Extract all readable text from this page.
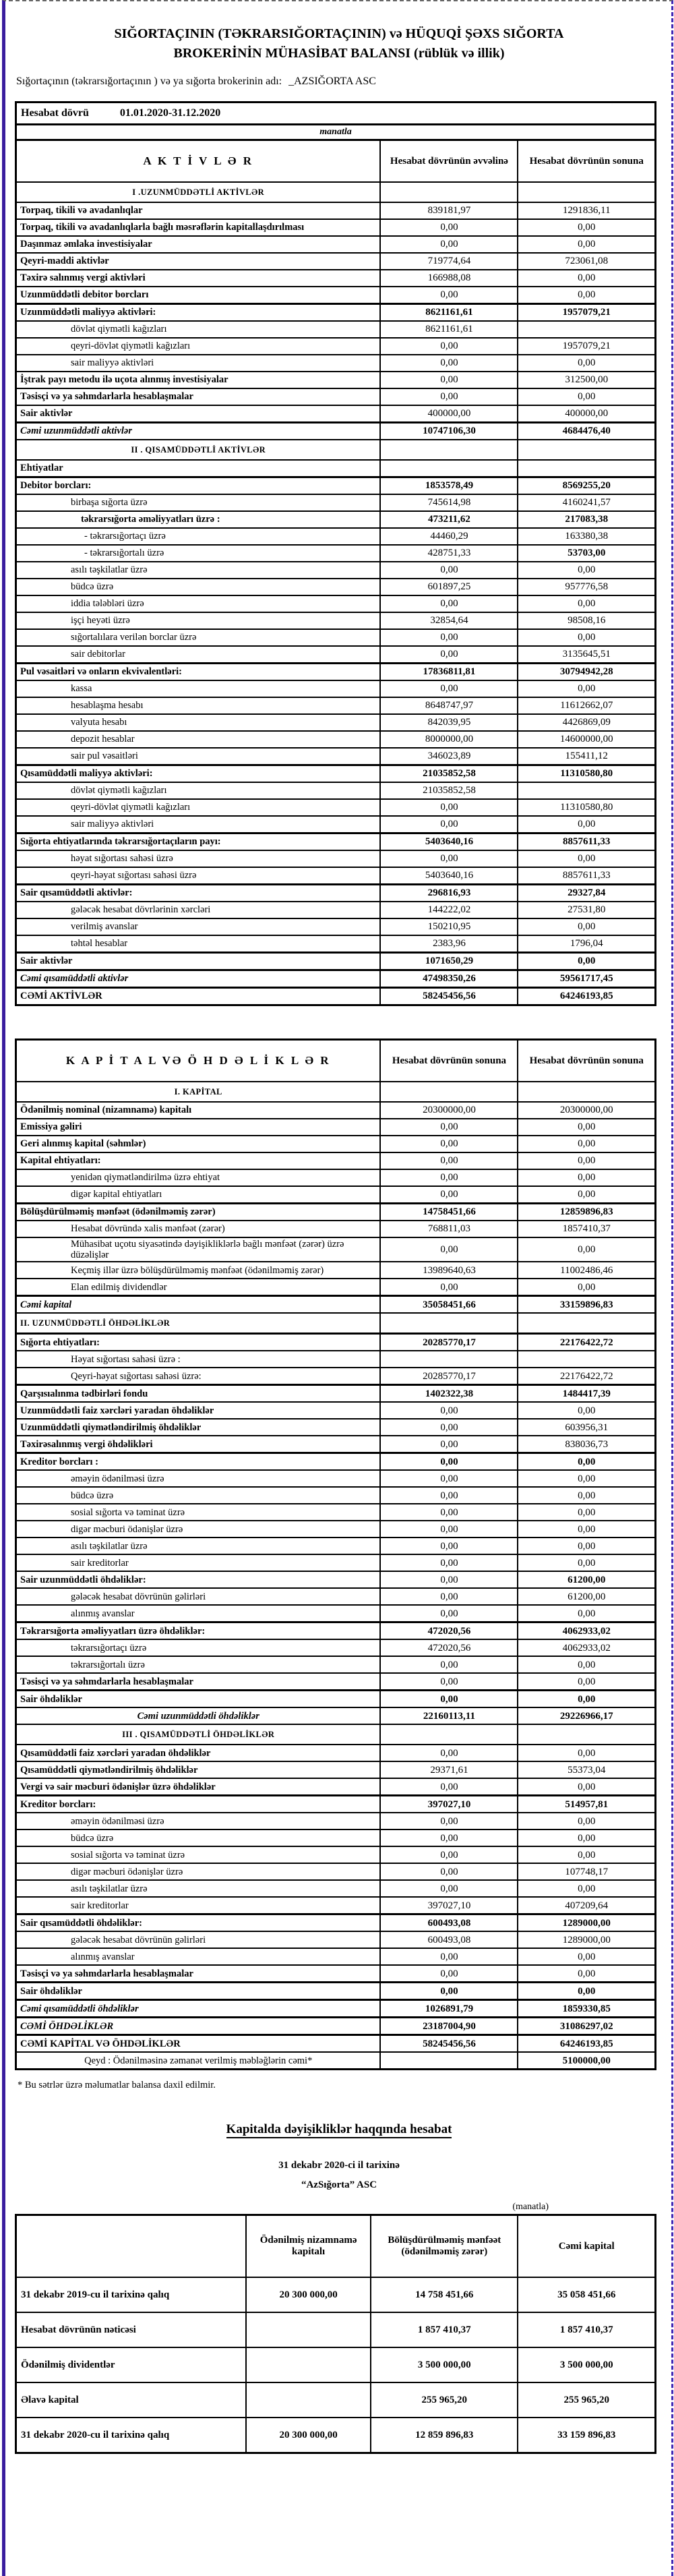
SIĞORTAÇININ (TƏKRARSIĞORTAÇININ) və HÜQUQİ ŞƏXS SIĞORTA
BROKERİNİN MÜHASİBAT BALANSI (rüblük və illik)
Sığortaçının (təkrarsığortaçının ) və ya sığorta brokerinin adı: _AZSIĞORTA ASC
Hesabat dövrü	01.01.2020-31.12.2020
manatla
A K T İ V L Ə R	Hesabat dövrünün əvvəlinə	Hesabat dövrünün sonuna
I .UZUNMÜDDƏTLİ AKTİVLƏR		
Torpaq, tikili və avadanlıqlar	839181,97	1291836,11
Torpaq, tikili və avadanlıqlarla bağlı məsrəflərin kapitallaşdırılması	0,00	0,00
Daşınmaz əmlaka investisiyalar	0,00	0,00
Qeyri-maddi aktivlər	719774,64	723061,08
Təxirə salınmış vergi aktivləri	166988,08	0,00
Uzunmüddətli debitor borcları	0,00	0,00
Uzunmüddətli maliyyə aktivləri:	8621161,61	1957079,21
dövlət qiymətli kağızları	8621161,61	
qeyri-dövlət qiymətli kağızları	0,00	1957079,21
sair maliyyə aktivləri	0,00	0,00
İştrak payı metodu ilə uçota alınmış investisiyalar	0,00	312500,00
Təsisçi və ya səhmdarlarla hesablaşmalar	0,00	0,00
Sair aktivlər	400000,00	400000,00
Cəmi uzunmüddətli aktivlər	10747106,30	4684476,40
II . QISAMÜDDƏTLİ AKTİVLƏR		
Ehtiyatlar		
Debitor borcları:	1853578,49	8569255,20
birbaşa sığorta üzrə	745614,98	4160241,57
təkrarsığorta əməliyyatları üzrə :	473211,62	217083,38
- təkrarsığortaçı üzrə	44460,29	163380,38
- təkrarsığortalı üzrə	428751,33	53703,00
asılı təşkilatlar üzrə	0,00	0,00
büdcə üzrə	601897,25	957776,58
iddia tələbləri üzrə	0,00	0,00
işçi heyəti üzrə	32854,64	98508,16
sığortalılara verilən borclar üzrə	0,00	0,00
sair debitorlar	0,00	3135645,51
Pul vəsaitləri və onların ekvivalentləri:	17836811,81	30794942,28
kassa	0,00	0,00
hesablaşma hesabı	8648747,97	11612662,07
valyuta hesabı	842039,95	4426869,09
depozit hesablar	8000000,00	14600000,00
sair pul vəsaitləri	346023,89	155411,12
Qısamüddətli maliyyə aktivləri:	21035852,58	11310580,80
dövlət qiymətli kağızları	21035852,58	
qeyri-dövlət qiymətli kağızları	0,00	11310580,80
sair maliyyə aktivləri	0,00	0,00
Sığorta ehtiyatlarında təkrarsığortaçıların payı:	5403640,16	8857611,33
həyat sığortası sahəsi üzrə	0,00	0,00
qeyri-həyat sığortası sahəsi üzrə	5403640,16	8857611,33
Sair qısamüddətli aktivlər:	296816,93	29327,84
gələcək hesabat dövrlərinin xərcləri	144222,02	27531,80
verilmiş avanslar	150210,95	0,00
təhtəl hesablar	2383,96	1796,04
Sair aktivlər	1071650,29	0,00
Cəmi qısamüddətli aktivlər	47498350,26	59561717,45
CƏMİ AKTİVLƏR	58245456,56	64246193,85
K A P İ T A L VƏ Ö H D Ə L İ K L Ə R	Hesabat dövrünün sonuna	Hesabat dövrünün sonuna
I. KAPİTAL		
Ödənilmiş nominal (nizamnamə) kapitalı	20300000,00	20300000,00
Emissiya gəliri	0,00	0,00
Geri alınmış kapital (səhmlər)	0,00	0,00
Kapital ehtiyatları:	0,00	0,00
yenidən qiymətləndirilmə üzrə ehtiyat	0,00	0,00
digər kapital ehtiyatları	0,00	0,00
Bölüşdürülməmiş mənfəət (ödənilməmiş zərər)	14758451,66	12859896,83
Hesabat dövründə xalis mənfəət (zərər)	768811,03	1857410,37
Mühasibat uçotu siyasətində dəyişikliklərlə bağlı mənfəət (zərər) üzrə düzəlişlər	0,00	0,00
Keçmiş illər üzrə bölüşdürülməmiş mənfəət (ödənilməmiş zərər)	13989640,63	11002486,46
Elan edilmiş dividendlər	0,00	0,00
Cəmi kapital	35058451,66	33159896,83
II. UZUNMÜDDƏTLİ ÖHDƏLİKLƏR		
Sığorta ehtiyatları:	20285770,17	22176422,72
Həyat sığortası sahəsi üzrə :		
Qeyri-həyat sığortası sahəsi üzrə:	20285770,17	22176422,72
Qarşısıalınma tədbirləri fondu	1402322,38	1484417,39
Uzunmüddətli faiz xərcləri yaradan öhdəliklər	0,00	0,00
Uzunmüddətli qiymətləndirilmiş öhdəliklər	0,00	603956,31
Təxirəsalınmış vergi öhdəlikləri	0,00	838036,73
Kreditor borcları :	0,00	0,00
əməyin ödənilməsi üzrə	0,00	0,00
büdcə üzrə	0,00	0,00
sosial sığorta və təminat üzrə	0,00	0,00
digər məcburi ödənişlər üzrə	0,00	0,00
asılı təşkilatlar üzrə	0,00	0,00
sair kreditorlar	0,00	0,00
Sair uzunmüddətli öhdəliklər:	0,00	61200,00
gələcək hesabat dövrünün gəlirləri	0,00	61200,00
alınmış avanslar	0,00	0,00
Təkrarsığorta əməliyyatları üzrə öhdəliklər:	472020,56	4062933,02
təkrarsığortaçı üzrə	472020,56	4062933,02
təkrarsığortalı üzrə	0,00	0,00
Təsisçi və ya səhmdarlarla hesablaşmalar	0,00	0,00
Sair öhdəliklər	0,00	0,00
Cəmi uzunmüddətli öhdəliklər	22160113,11	29226966,17
III . QISAMÜDDƏTLİ ÖHDƏLİKLƏR		
Qısamüddətli faiz xərcləri yaradan öhdəliklər	0,00	0,00
Qısamüddətli qiymətləndirilmiş öhdəliklər	29371,61	55373,04
Vergi və sair məcburi ödənişlər üzrə öhdəliklər	0,00	0,00
Kreditor borcları:	397027,10	514957,81
əməyin ödənilməsi üzrə	0,00	0,00
büdcə üzrə	0,00	0,00
sosial sığorta və təminat üzrə	0,00	0,00
digər məcburi ödənişlər üzrə	0,00	107748,17
asılı təşkilatlar üzrə	0,00	0,00
sair kreditorlar	397027,10	407209,64
Sair qısamüddətli öhdəliklər:	600493,08	1289000,00
gələcək hesabat dövrünün gəlirləri	600493,08	1289000,00
alınmış avanslar	0,00	0,00
Təsisçi və ya səhmdarlarla hesablaşmalar	0,00	0,00
Sair öhdəliklər	0,00	0,00
Cəmi qısamüddətli öhdəliklər	1026891,79	1859330,85
CƏMİ ÖHDƏLİKLƏR	23187004,90	31086297,02
CƏMİ KAPİTAL VƏ ÖHDƏLİKLƏR	58245456,56	64246193,85
Qeyd : Ödənilməsinə zəmanət verilmiş məbləğlərin cəmi*		5100000,00

* Bu sətrlər üzrə məlumatlar balansa daxil edilmir.

Kapitalda dəyişikliklər haqqında hesabat
31 dekabr 2020-ci il tarixinə
“AzSığorta” ASC
(manatla)
	Ödənilmiş nizamnamə kapitalı	Bölüşdürülməmiş mənfəət (ödənilməmiş zərər)	Cəmi kapital
31 dekabr 2019-cu il tarixinə qalıq	20 300 000,00	14 758 451,66	35 058 451,66
Hesabat dövrünün nəticəsi		1 857 410,37	1 857 410,37
Ödənilmiş dividentlər		3 500 000,00	3 500 000,00
Əlavə kapital		255 965,20	255 965,20
31 dekabr 2020-cu il tarixinə qalıq	20 300 000,00	12 859 896,83	33 159 896,83
